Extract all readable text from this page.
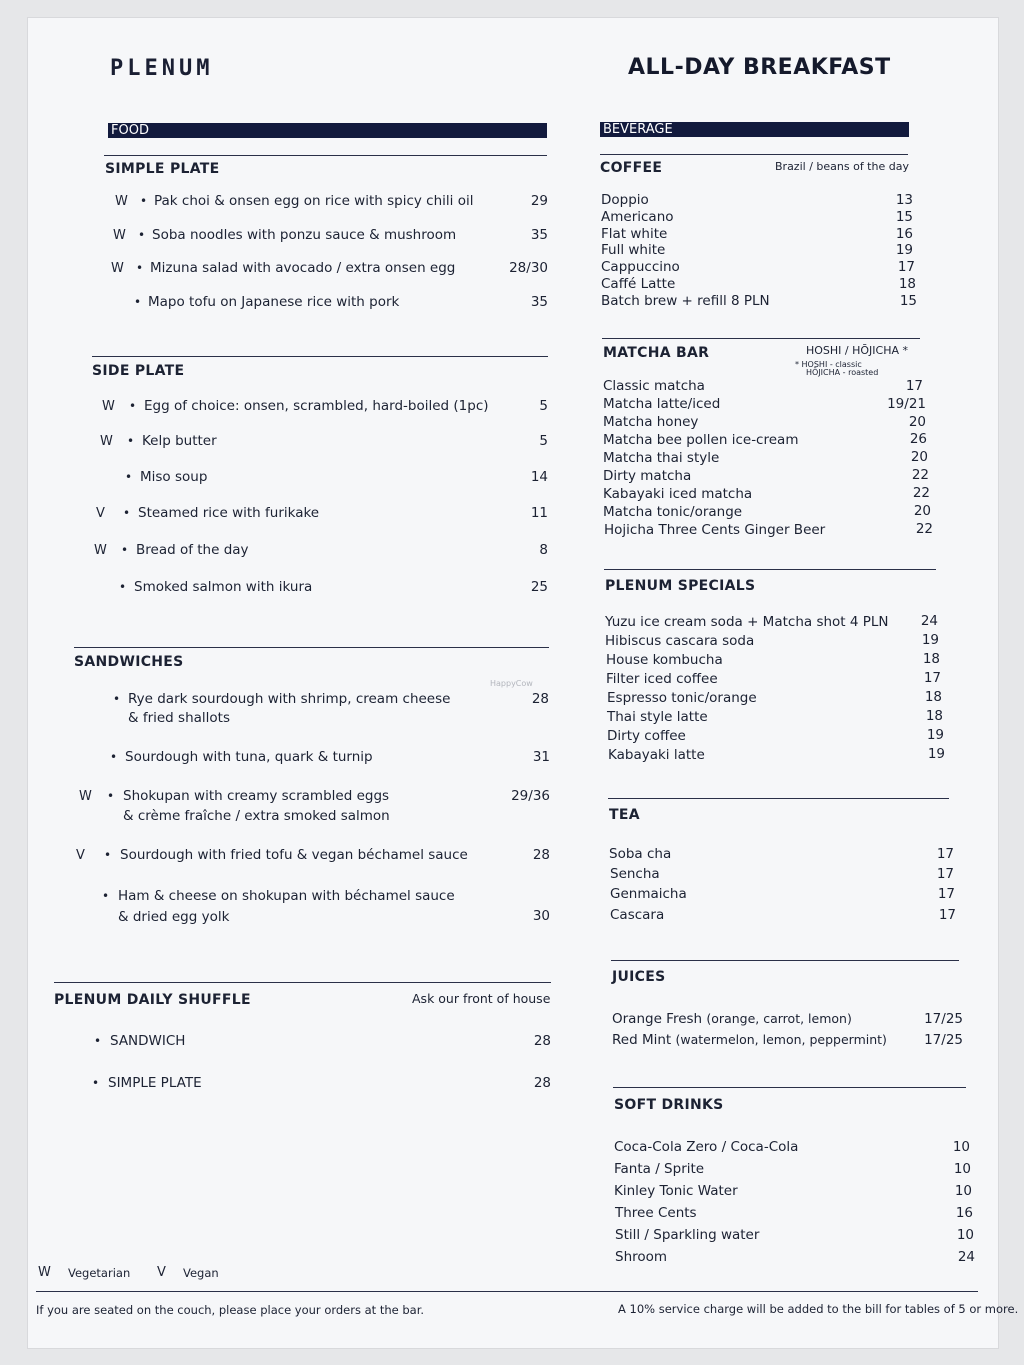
PLENUM	ALL-DAY BREAKFAST
FOOD	BEVERAGE
SIMPLE PLATE
W • Pak choi & onsen egg on rice with spicy chili oil	29
W • Soba noodles with ponzu sauce & mushroom	35
W • Mizuna salad with avocado / extra onsen egg	28/30
• Mapo tofu on Japanese rice with pork	35
SIDE PLATE
W • Egg of choice: onsen, scrambled, hard-boiled (1pc)	5
W • Kelp butter	5
• Miso soup	14
V • Steamed rice with furikake	11
W • Bread of the day	8
• Smoked salmon with ikura	25
SANDWICHES
HappyCow
• Rye dark sourdough with shrimp, cream cheese
& fried shallots
28
• Sourdough with tuna, quark & turnip	31
W • Shokupan with creamy scrambled eggs
& crème fraîche / extra smoked salmon
29/36
V • Sourdough with fried tofu & vegan béchamel sauce	28
• Ham & cheese on shokupan with béchamel sauce
& dried egg yolk	30
PLENUM DAILY SHUFFLE	Ask our front of house
• SANDWICH	28
• SIMPLE PLATE	28
COFFEE	Brazil / beans of the day
Doppio	13
Americano	15
Flat white	16
Full white	19
Cappuccino	17
Caffé Latte	18
Batch brew + refill 8 PLN	15
MATCHA BAR	HOSHI / HŌJICHA *
* HOSHI - classic
HŌJICHA - roasted
Classic matcha	17
Matcha latte/iced	19/21
Matcha honey	20
Matcha bee pollen ice-cream	26
Matcha thai style	20
Dirty matcha	22
Kabayaki iced matcha	22
Matcha tonic/orange	20
Hojicha Three Cents Ginger Beer	22
PLENUM SPECIALS
Yuzu ice cream soda + Matcha shot 4 PLN	24
Hibiscus cascara soda	19
House kombucha	18
Filter iced coffee	17
Espresso tonic/orange	18
Thai style latte	18
Dirty coffee	19
Kabayaki latte	19
TEA
Soba cha	17
Sencha	17
Genmaicha	17
Cascara	17
JUICES
Orange Fresh (orange, carrot, lemon)	17/25
Red Mint (watermelon, lemon, peppermint)	17/25
SOFT DRINKS
Coca-Cola Zero / Coca-Cola	10
Fanta / Sprite	10
Kinley Tonic Water	10
Three Cents	16
Still / Sparkling water	10
Shroom	24
W Vegetarian V Vegan
If you are seated on the couch, please place your orders at the bar.	A 10% service charge will be added to the bill for tables of 5 or more.
